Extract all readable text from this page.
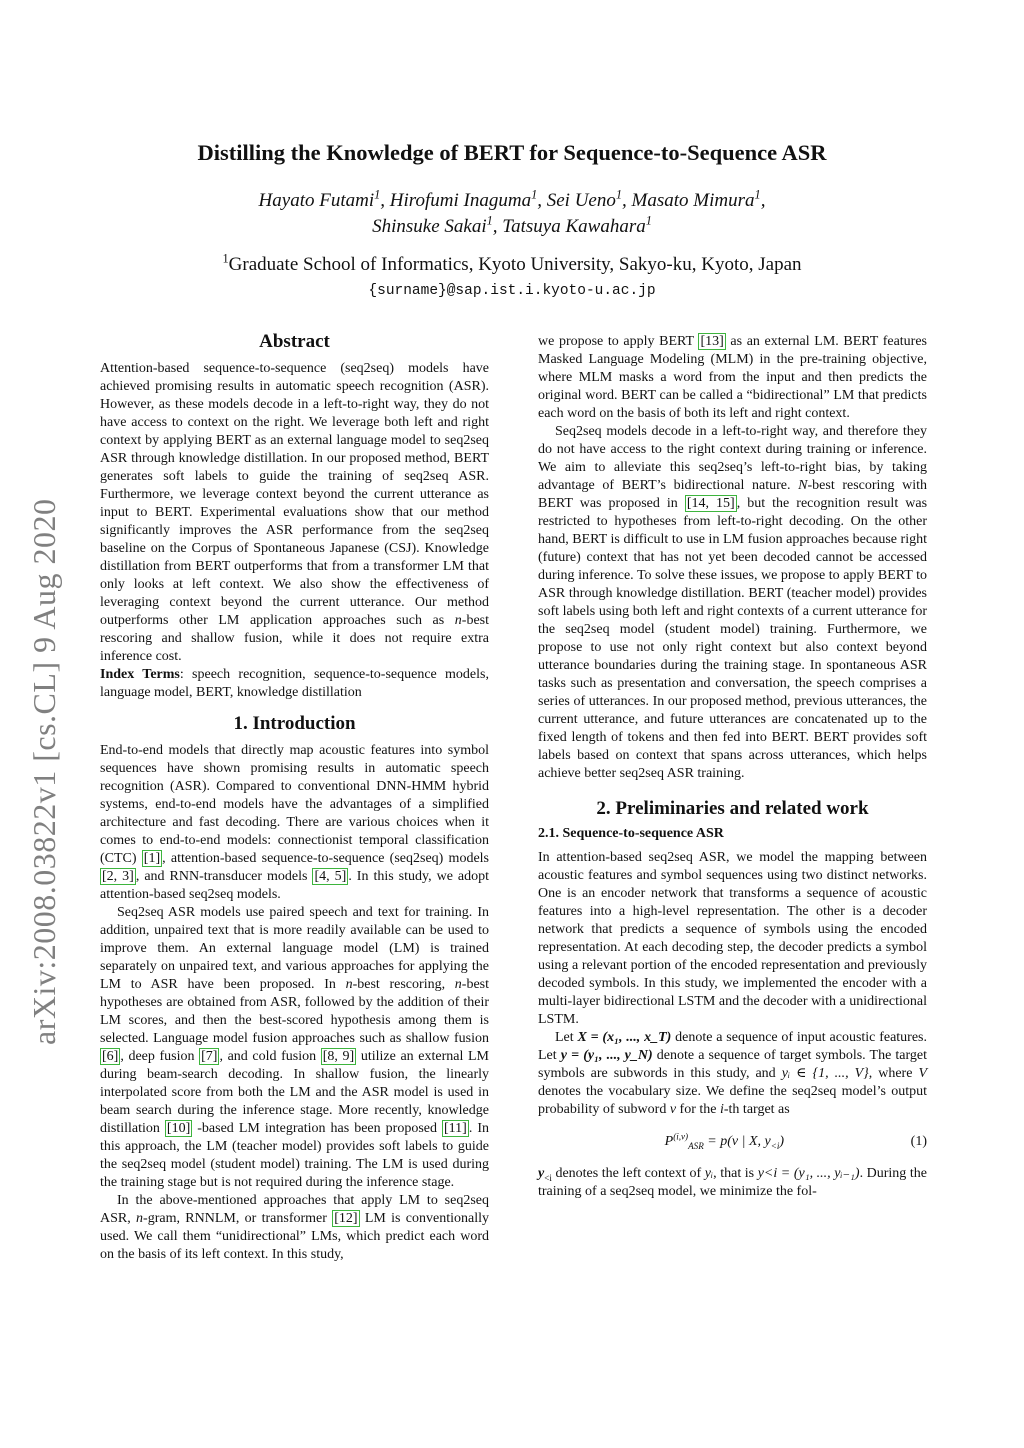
arXiv:2008.03822v1 [cs.CL] 9 Aug 2020
Distilling the Knowledge of BERT for Sequence-to-Sequence ASR
Hayato Futami$^1$, Hirofumi Inaguma$^1$, Sei Ueno$^1$, Masato Mimura$^1$,
Shinsuke Sakai$^1$, Tatsuya Kawahara$^1$
$^1$Graduate School of Informatics, Kyoto University, Sakyo-ku, Kyoto, Japan
{surname}@sap.ist.i.kyoto-u.ac.jp
Abstract

Attention-based sequence-to-sequence (seq2seq) models have achieved promising results in automatic speech recognition (ASR). However, as these models decode in a left-to-right way, they do not have access to context on the right. We leverage both left and right context by applying BERT as an external language model to seq2seq ASR through knowledge distillation. In our proposed method, BERT generates soft labels to guide the training of seq2seq ASR. Furthermore, we leverage context beyond the current utterance as input to BERT. Experimental evaluations show that our method significantly improves the ASR performance from the seq2seq baseline on the Corpus of Spontaneous Japanese (CSJ). Knowledge distillation from BERT outperforms that from a transformer LM that only looks at left context. We also show the effectiveness of leveraging context beyond the current utterance. Our method outperforms other LM application approaches such as n-best rescoring and shallow fusion, while it does not require extra inference cost.

Index Terms: speech recognition, sequence-to-sequence models, language model, BERT, knowledge distillation

1. Introduction

End-to-end models that directly map acoustic features into symbol sequences have shown promising results in automatic speech recognition (ASR). Compared to conventional DNN-HMM hybrid systems, end-to-end models have the advantages of a simplified architecture and fast decoding. There are various choices when it comes to end-to-end models: connectionist temporal classification (CTC) [1] , attention-based sequence-to-sequence (seq2seq) models [2, 3] , and RNN-transducer models [4, 5] . In this study, we adopt attention-based seq2seq models.

Seq2seq ASR models use paired speech and text for training. In addition, unpaired text that is more readily available can be used to improve them. An external language model (LM) is trained separately on unpaired text, and various approaches for applying the LM to ASR have been proposed. In n-best rescoring, n-best hypotheses are obtained from ASR, followed by the addition of their LM scores, and then the best-scored hypothesis among them is selected. Language model fusion approaches such as shallow fusion [6] , deep fusion [7] , and cold fusion [8, 9] utilize an external LM during beam-search decoding. In shallow fusion, the linearly interpolated score from both the LM and the ASR model is used in beam search during the inference stage. More recently, knowledge distillation [10] -based LM integration has been proposed [11] . In this approach, the LM (teacher model) provides soft labels to guide the seq2seq model (student model) training. The LM is used during the training stage but is not required during the inference stage.

In the above-mentioned approaches that apply LM to seq2seq ASR, n-gram, RNNLM, or transformer [12] LM is conventionally used. We call them “unidirectional” LMs, which predict each word on the basis of its left context. In this study,

we propose to apply BERT [13] as an external LM. BERT features Masked Language Modeling (MLM) in the pre-training objective, where MLM masks a word from the input and then predicts the original word. BERT can be called a “bidirectional” LM that predicts each word on the basis of both its left and right context.

Seq2seq models decode in a left-to-right way, and therefore they do not have access to the right context during training or inference. We aim to alleviate this seq2seq’s left-to-right bias, by taking advantage of BERT’s bidirectional nature. N-best rescoring with BERT was proposed in [14, 15] , but the recognition result was restricted to hypotheses from left-to-right decoding. On the other hand, BERT is difficult to use in LM fusion approaches because right (future) context that has not yet been decoded cannot be accessed during inference. To solve these issues, we propose to apply BERT to ASR through knowledge distillation. BERT (teacher model) provides soft labels using both left and right contexts of a current utterance for the seq2seq model (student model) training. Furthermore, we propose to use not only right context but also context beyond utterance boundaries during the training stage. In spontaneous ASR tasks such as presentation and conversation, the speech comprises a series of utterances. In our proposed method, previous utterances, the current utterance, and future utterances are concatenated up to the fixed length of tokens and then fed into BERT. BERT provides soft labels based on context that spans across utterances, which helps achieve better seq2seq ASR training.

2. Preliminaries and related work
2.1. Sequence-to-sequence ASR

In attention-based seq2seq ASR, we model the mapping between acoustic features and symbol sequences using two distinct networks. One is an encoder network that transforms a sequence of acoustic features into a high-level representation. The other is a decoder network that predicts a sequence of symbols using the encoded representation. At each decoding step, the decoder predicts a symbol using a relevant portion of the encoded representation and previously decoded symbols. In this study, we implemented the encoder with a multi-layer bidirectional LSTM and the decoder with a unidirectional LSTM.

Let X = (x₁, ..., x_T) denote a sequence of input acoustic features. Let y = (y₁, ..., y_N) denote a sequence of target symbols. The target symbols are subwords in this study, and yᵢ ∈ {1, ..., V}, where V denotes the vocabulary size. We define the seq2seq model’s output probability of subword v for the i-th target as

P$^{(i,v)}_{ASR}$ = p(v | X, $y_{<i}$)	(1)

$y_{<i}$ denotes the left context of yᵢ, that is y<i = (y₁, ..., yᵢ₋₁). During the training of a seq2seq model, we minimize the fol-
